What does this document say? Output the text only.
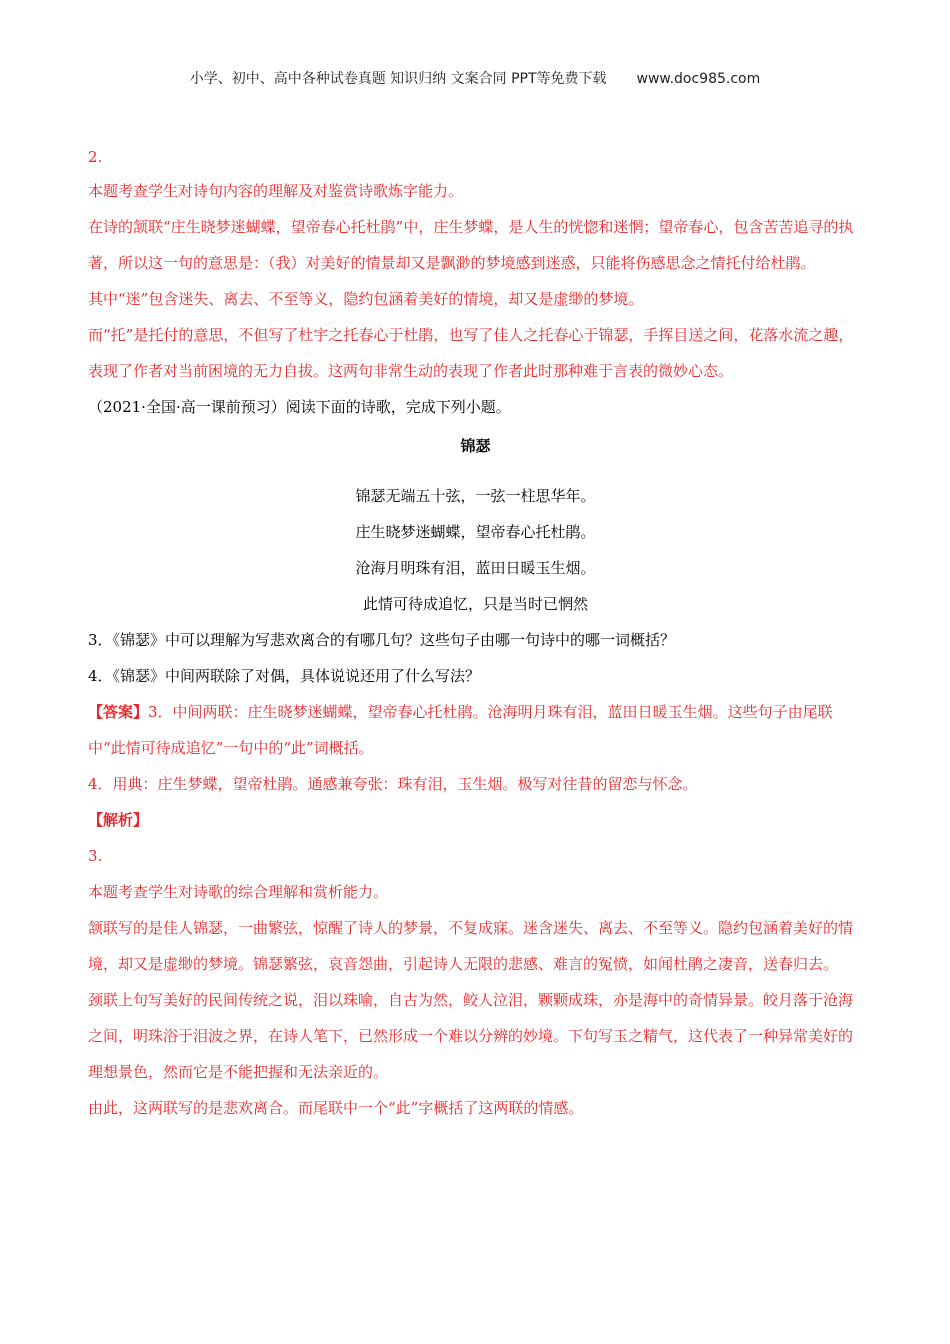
小学、初中、高中各种试卷真题 知识归纳 文案合同 PPT等免费下载 www.doc985.com

2.

本题考查学生对诗句内容的理解及对鉴赏诗歌炼字能力。

在诗的颔联“庄生晓梦迷蝴蝶，望帝春心托杜鹃”中，庄生梦蝶，是人生的恍惚和迷惘；望帝春心，包含苦苦追寻的执著，所以这一句的意思是：（我）对美好的情景却又是飘渺的梦境感到迷惑，只能将伤感思念之情托付给杜鹃。

其中“迷”包含迷失、离去、不至等义，隐约包涵着美好的情境，却又是虚缈的梦境。

而“托”是托付的意思，不但写了杜宇之托春心于杜鹃，也写了佳人之托春心于锦瑟，手挥目送之间，花落水流之趣，表现了作者对当前困境的无力自拔。这两句非常生动的表现了作者此时那种难于言表的微妙心态。

（2021·全国·高一课前预习）阅读下面的诗歌，完成下列小题。

锦瑟

锦瑟无端五十弦，一弦一柱思华年。
庄生晓梦迷蝴蝶，望帝春心托杜鹃。
沧海月明珠有泪，蓝田日暖玉生烟。
此情可待成追忆，只是当时已惘然

3．《锦瑟》中可以理解为写悲欢离合的有哪几句？这些句子由哪一句诗中的哪一词概括？

4．《锦瑟》中间两联除了对偶，具体说说还用了什么写法？

【答案】3．中间两联：庄生晓梦迷蝴蝶，望帝春心托杜鹃。沧海明月珠有泪，蓝田日暖玉生烟。这些句子由尾联中“此情可待成追忆”一句中的“此”词概括。

4．用典：庄生梦蝶，望帝杜鹃。通感兼夸张：珠有泪，玉生烟。极写对往昔的留恋与怀念。

【解析】

3.

本题考查学生对诗歌的综合理解和赏析能力。

颔联写的是佳人锦瑟，一曲繁弦，惊醒了诗人的梦景，不复成寐。迷含迷失、离去、不至等义。隐约包涵着美好的情境，却又是虚缈的梦境。锦瑟繁弦，哀音怨曲，引起诗人无限的悲感、难言的冤愤，如闻杜鹃之凄音，送春归去。

颈联上句写美好的民间传统之说，泪以珠喻，自古为然，鲛人泣泪，颗颗成珠，亦是海中的奇情异景。皎月落于沧海之间，明珠浴于泪波之界，在诗人笔下，已然形成一个难以分辨的妙境。下句写玉之精气，这代表了一种异常美好的理想景色，然而它是不能把握和无法亲近的。

由此，这两联写的是悲欢离合。而尾联中一个“此”字概括了这两联的情感。
